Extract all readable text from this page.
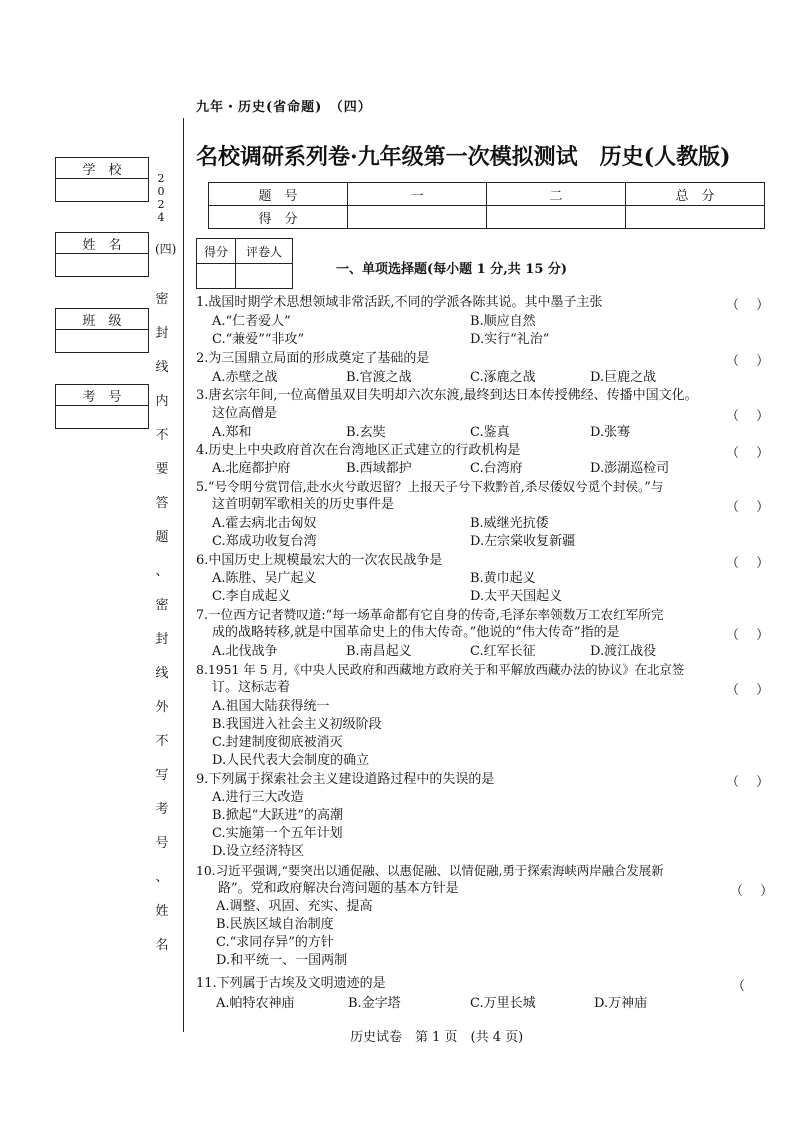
九年・历史(省命题)　（四）
名校调研系列卷·九年级第一次模拟测试　历史(人教版)
题　号	一	二	总　分
得　分			
得分	评卷人

一、单项选择题(每小题 1 分,共 15 分)
学　校
姓　名
班　级
考　号
2024
(四)
密
封
线
内
不
要
答
题
、
密
封
线
外
不
写
考
号
、
姓
名
1.战国时期学术思想领域非常活跃,不同的学派各陈其说。其中墨子主张	（　 ）
A.“仁者爱人”	B.顺应自然
C.“兼爱”“非攻”	D.实行“礼治”
2.为三国鼎立局面的形成奠定了基础的是	（　 ）
A.赤壁之战	B.官渡之战	C.涿鹿之战	D.巨鹿之战
3.唐玄宗年间,一位高僧虽双目失明却六次东渡,最终到达日本传授佛经、传播中国文化。
这位高僧是	（　 ）
A.郑和	B.玄奘	C.鉴真	D.张骞
4.历史上中央政府首次在台湾地区正式建立的行政机构是	（　 ）
A.北庭都护府	B.西域都护	C.台湾府	D.澎湖巡检司
5.“号令明兮赏罚信,赴水火兮敢迟留？上报天子兮下救黔首,杀尽倭奴兮觅个封侯。”与
这首明朝军歌相关的历史事件是	（　 ）
A.霍去病北击匈奴	B.威继光抗倭
C.郑成功收复台湾	D.左宗棠收复新疆
6.中国历史上规模最宏大的一次农民战争是	（　 ）
A.陈胜、吴广起义	B.黄巾起义
C.李自成起义	D.太平天国起义
7.一位西方记者赞叹道:“每一场革命都有它自身的传奇,毛泽东率领数万工农红军所完
成的战略转移,就是中国革命史上的伟大传奇。”他说的“伟大传奇”指的是	（　 ）
A.北伐战争	B.南昌起义	C.红军长征	D.渡江战役
8.1951 年 5 月,《中央人民政府和西藏地方政府关于和平解放西藏办法的协议》在北京签
订。这标志着	（　 ）
A.祖国大陆获得统一
B.我国进入社会主义初级阶段
C.封建制度彻底被消灭
D.人民代表大会制度的确立
9.下列属于探索社会主义建设道路过程中的失误的是	（　 ）
A.进行三大改造
B.掀起“大跃进”的高潮
C.实施第一个五年计划
D.设立经济特区
10.习近平强调,“要突出以通促融、以惠促融、以情促融,勇于探索海峡两岸融合发展新
路”。党和政府解决台湾问题的基本方针是	（　 ）
A.调整、巩固、充实、提高
B.民族区域自治制度
C.“求同存异”的方针
D.和平统一、一国两制
11.下列属于古埃及文明遗迹的是	（
A.帕特农神庙	B.金字塔	C.万里长城	D.万神庙
历史试卷　第 1 页　(共 4 页)
